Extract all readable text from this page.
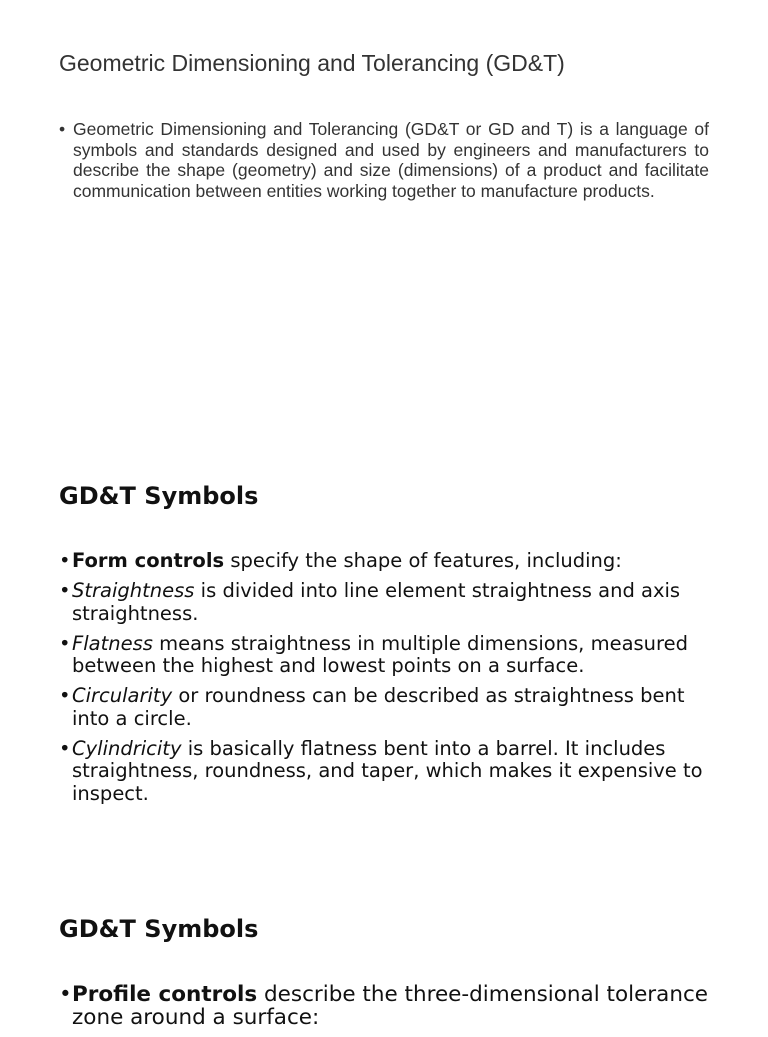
Geometric Dimensioning and Tolerancing (GD&T)
• Geometric Dimensioning and Tolerancing (GD&T or GD and T) is a language of symbols and standards designed and used by engineers and manufacturers to describe the shape (geometry) and size (dimensions) of a product and facilitate communication between entities working together to manufacture products.
GD&T Symbols
• Form controls specify the shape of features, including:
• Straightness is divided into line element straightness and axis straightness.
• Flatness means straightness in multiple dimensions, measured between the highest and lowest points on a surface.
• Circularity or roundness can be described as straightness bent into a circle.
• Cylindricity is basically flatness bent into a barrel. It includes straightness, roundness, and taper, which makes it expensive to inspect.
GD&T Symbols
• Profile controls describe the three-dimensional tolerance zone around a surface:
